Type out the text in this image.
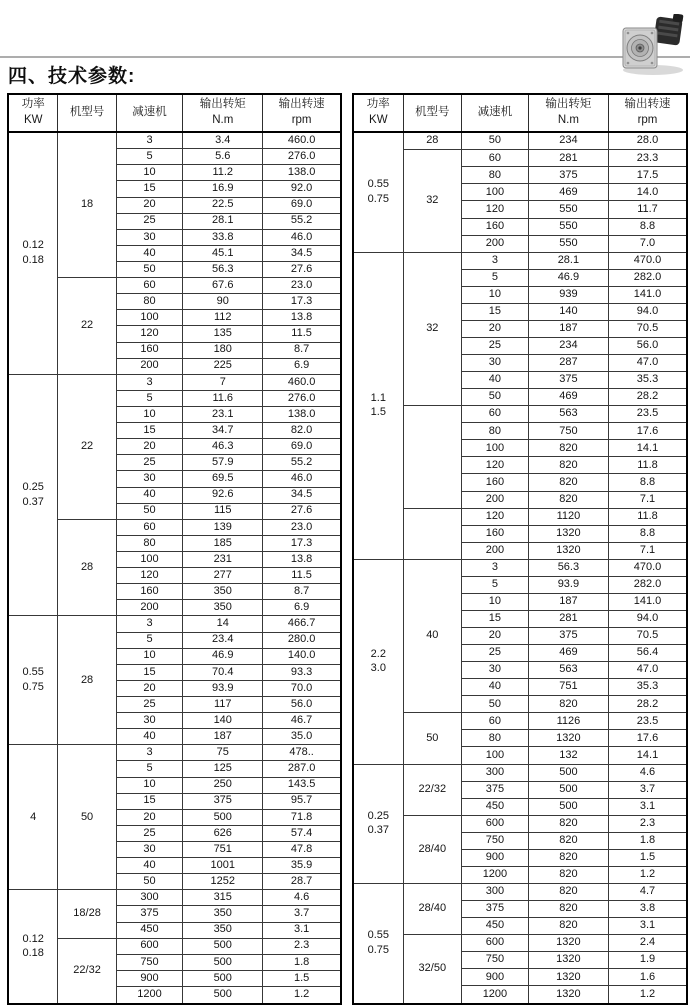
四、技术参数:
功率
KW

机型号	减速机

输出转矩
N.m

输出转速
rpm

0.12
0.18	18	3	3.4	460.0
		5	5.6	276.0
		10	11.2	138.0
		15	16.9	92.0
		20	22.5	69.0
		25	28.1	55.2
		30	33.8	46.0
		40	45.1	34.5
		50	56.3	27.6
	22	60	67.6	23.0
		80	90	17.3
		100	112	13.8
		120	135	11.5
		160	180	8.7
		200	225	6.9

0.25
0.37	22	3	7	460.0
		5	11.6	276.0
		10	23.1	138.0
		15	34.7	82.0
		20	46.3	69.0
		25	57.9	55.2
		30	69.5	46.0
		40	92.6	34.5
		50	115	27.6
	28	60	139	23.0
		80	185	17.3
		100	231	13.8
		120	277	11.5
		160	350	8.7
		200	350	6.9

0.55
0.75	28	3	14	466.7
		5	23.4	280.0
		10	46.9	140.0
		15	70.4	93.3
		20	93.9	70.0
		25	117	56.0
		30	140	46.7
		40	187	35.0

4	50	3	75	478..
		5	125	287.0
		10	250	143.5
		15	375	95.7
		20	500	71.8
		25	626	57.4
		30	751	47.8
		40	1001	35.9
		50	1252	28.7

0.12
0.18	18/28	300	315	4.6
		375	350	3.7
		450	350	3.1
	22/32	600	500	2.3
		750	500	1.8
		900	500	1.5
		1200	500	1.2
功率
KW

机型号	减速机

输出转矩
N.m

输出转速
rpm

0.55
0.75	28	50	234	28.0
	32	60	281	23.3
		80	375	17.5
		100	469	14.0
		120	550	11.7
		160	550	8.8
		200	550	7.0

1.1
1.5	32	3	28.1	470.0
		5	46.9	282.0
		10	939	141.0
		15	140	94.0
		20	187	70.5
		25	234	56.0
		30	287	47.0
		40	375	35.3
		50	469	28.2
		60	563	23.5
		80	750	17.6
		100	820	14.1
		120	820	11.8
		160	820	8.8
		200	820	7.1
		120	1120	11.8
		160	1320	8.8
		200	1320	7.1

2.2
3.0	40	3	56.3	470.0
		5	93.9	282.0
		10	187	141.0
		15	281	94.0
		20	375	70.5
		25	469	56.4
		30	563	47.0
		40	751	35.3
		50	820	28.2
	50	60	1126	23.5
		80	1320	17.6
		100	132	14.1

0.25
0.37	22/32	300	500	4.6
		375	500	3.7
		450	500	3.1
	28/40	600	820	2.3
		750	820	1.8
		900	820	1.5
		1200	820	1.2

0.55
0.75	28/40	300	820	4.7
		375	820	3.8
		450	820	3.1
	32/50	600	1320	2.4
		750	1320	1.9
		900	1320	1.6
		1200	1320	1.2
